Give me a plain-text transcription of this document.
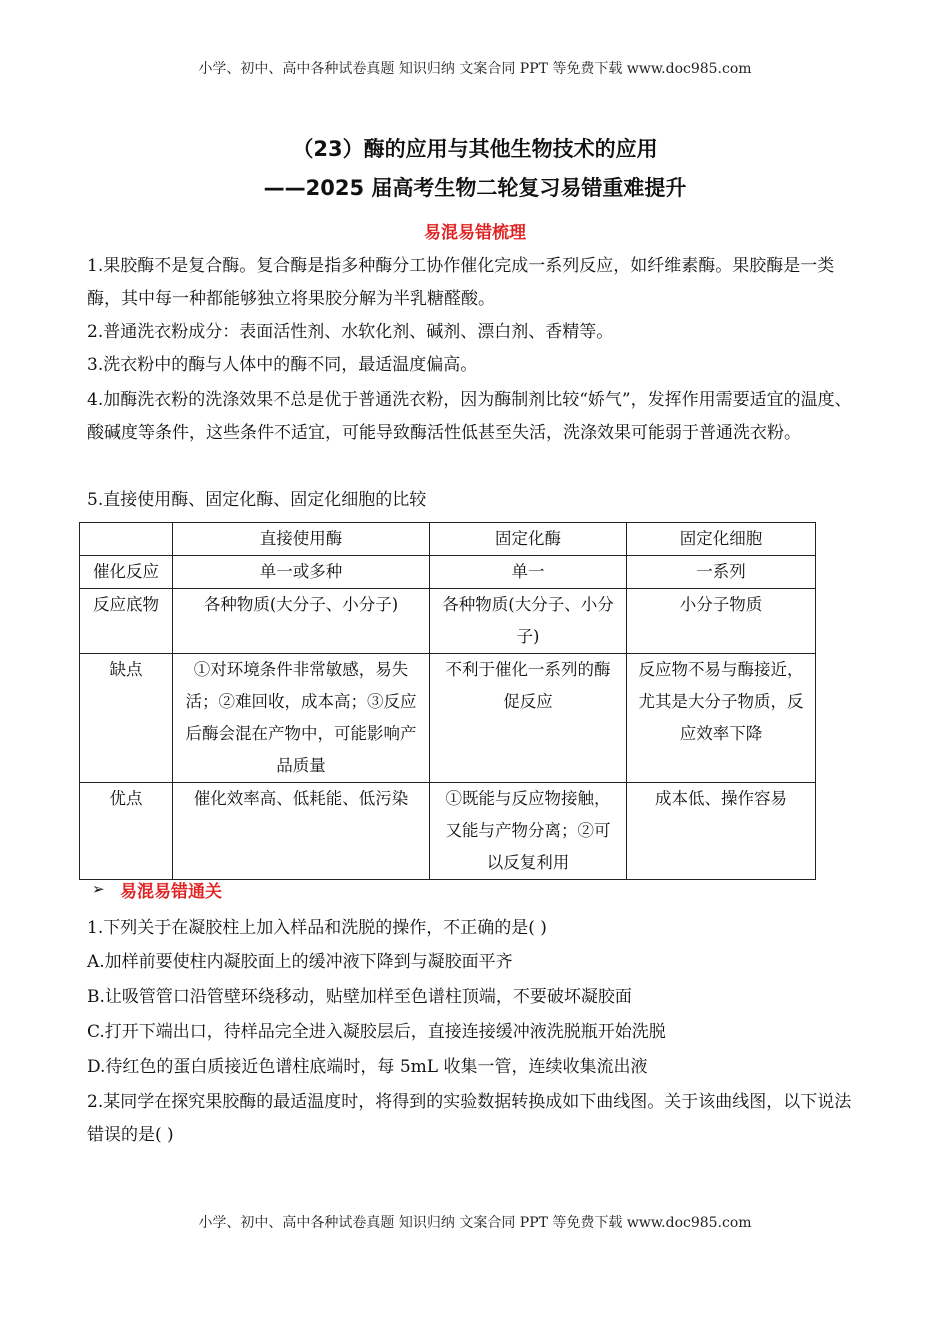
小学、初中、高中各种试卷真题 知识归纳 文案合同 PPT 等免费下载 www.doc985.com
（23）酶的应用与其他生物技术的应用
——2025 届高考生物二轮复习易错重难提升
易混易错梳理
1.果胶酶不是复合酶。复合酶是指多种酶分工协作催化完成一系列反应，如纤维素酶。果胶酶是一类酶，其中每一种都能够独立将果胶分解为半乳糖醛酸。
2.普通洗衣粉成分：表面活性剂、水软化剂、碱剂、漂白剂、香精等。
3.洗衣粉中的酶与人体中的酶不同，最适温度偏高。
4.加酶洗衣粉的洗涤效果不总是优于普通洗衣粉，因为酶制剂比较“娇气”，发挥作用需要适宜的温度、酸碱度等条件，这些条件不适宜，可能导致酶活性低甚至失活，洗涤效果可能弱于普通洗衣粉。
5.直接使用酶、固定化酶、固定化细胞的比较
	直接使用酶	固定化酶	固定化细胞
催化反应	单一或多种	单一	一系列
反应底物	各种物质(大分子、小分子)	各种物质(大分子、小分子)	小分子物质
缺点	①对环境条件非常敏感，易失活；②难回收，成本高；③反应后酶会混在产物中，可能影响产品质量	不利于催化一系列的酶促反应	反应物不易与酶接近，尤其是大分子物质，反应效率下降
优点	催化效率高、低耗能、低污染	①既能与反应物接触，又能与产物分离；②可以反复利用	成本低、操作容易
➢ 易混易错通关
1.下列关于在凝胶柱上加入样品和洗脱的操作，不正确的是( )
A.加样前要使柱内凝胶面上的缓冲液下降到与凝胶面平齐
B.让吸管管口沿管壁环绕移动，贴壁加样至色谱柱顶端，不要破坏凝胶面
C.打开下端出口，待样品完全进入凝胶层后，直接连接缓冲液洗脱瓶开始洗脱
D.待红色的蛋白质接近色谱柱底端时，每 5mL 收集一管，连续收集流出液
2.某同学在探究果胶酶的最适温度时，将得到的实验数据转换成如下曲线图。关于该曲线图，以下说法错误的是( )
小学、初中、高中各种试卷真题 知识归纳 文案合同 PPT 等免费下载 www.doc985.com
